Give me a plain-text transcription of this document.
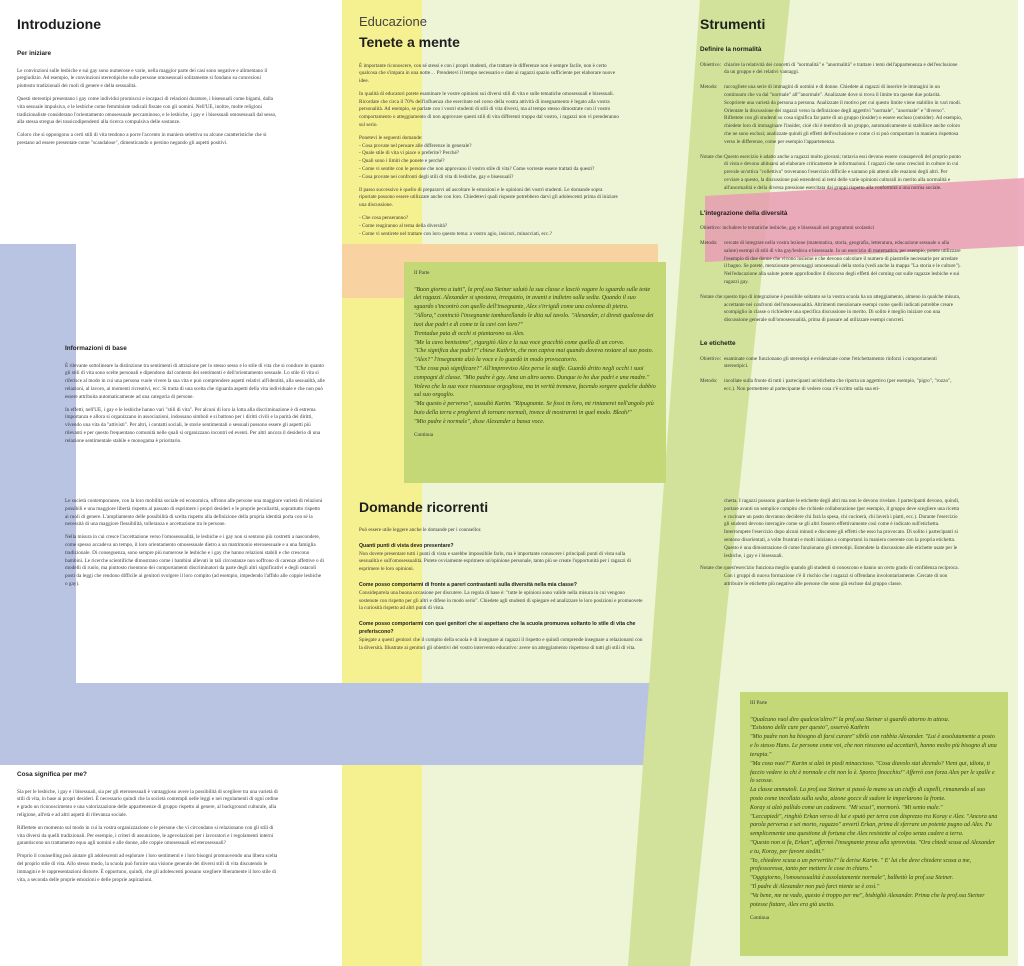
Introduzione
Per iniziare

Le convinzioni sulle lesbiche e sui gay sono numerose e varie, nella maggior parte dei casi sono negative e alimentano il pregiudizio. Ad esempio, le convinzioni stereotipiche sulle persone omosessuali solitamente si fondano su concezioni piuttosto tradizionali dei ruoli di genere e della sessualità.

Questi stereotipi presentano i gay come individui promiscui e incapaci di relazioni durature, i bisessuali come bigami, dalla vita sessuale impulsiva, e le lesbiche come femministe radicali fissate con gli uomini. Nell'UE, inoltre, molte religioni tradizionaliste considerano l'orientamento omosessuale peccaminoso, e le lesbiche, i gay e i bisessuali omosessuali dal sesso, alla stessa stregua dei tossicodipendenti alla ricerca compulsiva delle sostanze.

Coloro che si oppongono a certi stili di vita tendono a porre l'accento in maniera selettiva su alcune caratteristiche che si prestano ad essere presentate come "scandalose", dimenticando o persino negando gli aspetti positivi.

Informazioni di base

È rilevante sottolineare la distinzione tra sentimenti di attrazione per lo stesso sesso e lo stile di vita che si conduce in quanto gli stili di vita sono scelte personali e dipendono dal contesto dei sentimenti e dell'orientamento sessuale. Lo stile di vita si riferisce al modo in cui una persona vuole vivere la sua vita e può comprendere aspetti relativi all'identità, alla sessualità, alle relazioni, al lavoro, ai momenti ricreativi, ecc. Si tratta di una scelta che riguarda aspetti della vita individuale e che non può essere attribuita automaticamente ad una categoria di persone.

In effetti, nell'UE, i gay e le lesbiche hanno vari "stili di vita". Per alcuni di loro la lotta alla discriminazione è di estrema importanza e allora si organizzano in associazioni, indossano simboli e si battono per i diritti civili e la parità dei diritti, vivendo una vita da "attivisti". Per altri, i contatti sociali, le storie sentimentali o sessuali possono essere gli aspetti più rilevanti e per questo frequentano comunità nelle quali si organizzano incontri ed eventi. Per altri ancora il desiderio di una relazione sentimentale stabile e monogama è prioritario.

Le società contemporanee, con la loro mobilità sociale ed economica, offrono alle persone una maggiore varietà di relazioni possibili e una maggiore libertà rispetto al passato di esprimere i propri desideri e le proprie peculiarità, soprattutto rispetto ai ruoli di genere. L'ampliamento delle possibilità di scelta rispetto alla definizione della propria identità porta con sé la necessità di una maggiore flessibilità, tolleranza e accettazione tra le persone.

Nella misura in cui cresce l'accettazione verso l'omosessualità, le lesbiche e i gay non si sentono più costretti a nascondere, come spesso accadeva un tempo, il loro orientamento omosessuale dietro a un matrimonio eterosessuale e a una famiglia tradizionale. Di conseguenza, sono sempre più numerose le lesbiche e i gay che hanno relazioni stabili e che crescono bambini. Le ricerche scientifiche dimostrano come i bambini allevati in tali circostanze non soffrono di carenze affettive o di modelli di ruolo, ma piuttosto risentono dei comportamenti discriminatori da parte degli altri significativi e degli ostacoli posti da leggi che rendono difficile ai genitori svolgere il loro compito (ad esempio, impedendo l'affido alle coppie lesbiche o gay).

Cosa significa per me?

Sia per le lesbiche, i gay e i bisessuali, sia per gli eterosessuali è vantaggioso avere la possibilità di scegliere tra una varietà di stili di vita, in base ai propri desideri. È necessario quindi che la società contempli nelle leggi e nei regolamenti di ogni ordine e grado un riconoscimento e una valorizzazione delle appartenenze di gruppo rispetto al genere, al background culturale, alla religione, all'età e ad altri aspetti di rilevanza sociale.

Riflettete un momento sul modo in cui la vostra organizzazione o le persone che vi circondano si relazionano con gli stili di vita diversi da quelli tradizionali. Per esempio, i criteri di assunzione, le agevolazioni per i lavoratori e i regolamenti interni garantiscono un trattamento equo agli uomini e alle donne, alle coppie omosessuali ed eterosessuali?

Proprio il counselling può aiutare gli adolescenti ad esplorare i loro sentimenti e i loro bisogni promuovendo una libera scelta del proprio stile di vita. Allo stesso modo, la scuola può fornire una visione generale dei diversi stili di vita discutendo le immagini e le rappresentazioni distorte. È opportuno, quindi, che gli adolescenti possano scegliere liberamente il loro stile di vita, a seconda delle proprie emozioni e delle proprie aspirazioni.

Educazione
Tenete a mente

È importante riconoscere, con sé stessi e con i propri studenti, che trattare le differenze non è sempre facile, non è certo qualcosa che s'impara in una notte… Prendetevi il tempo necessario e date ai ragazzi spazio sufficiente per elaborare nuove idee.

In qualità di educatori potete esaminare le vostre opinioni sui diversi stili di vita e sulle tematiche omosessuali e bisessuali. Ricordate che circa il 70% dell'influenza che esercitate nel corso della vostra attività di insegnamento è legato alla vostra personalità. Ad esempio, se parlate con i vostri studenti di stili di vita diversi, ma al tempo stesso dimostrate con il vostro comportamento o atteggiamento di non approvare questi stili di vita differenti troppo dal vostro, i ragazzi non vi prenderanno sul serio.

Ponetevi le seguenti domande:
- Cosa provate nel pensare alle differenze in generale?
- Quale stile di vita vi piace o preferite? Perché?
- Quali sono i limiti che ponete e perché?
- Come vi sentite con le persone che non approvano il vostro stile di vita? Come vorreste essere trattati da questi?
- Cosa provate nei confronti degli stili di vita di lesbiche, gay e bisessuali?

Il passo successivo è quello di prepararvi ad ascoltare le emozioni e le opinioni dei vostri studenti. Le domande sopra riportate possono essere utilizzate anche con loro. Chiedetevi quali risposte potrebbero darvi gli adolescenti prima di iniziare una discussione.

- Che cosa penseranno?
- Come reagiranno al tema della diversità?
- Come vi sentirete nel trattare con loro questo tema: a vostro agio, insicuri, minacciati, ecc.?

II Parte
"Buon giorno a tutti", la prof.ssa Steiner salutò la sua classe e lasciò vagare lo sguardo sulle teste dei ragazzi. Alexander si spostava, irrequieto, in avanti e indietro sulla sedia. Quando il suo sguardo s'incontrò con quello dell'insegnante, Alex s'irrigidì come una colonna di pietra.
"Allora," cominciò l'insegnante tamburellando le dita sul tavolo. "Alexander, ci diresti qualcosa dei tuoi due padri e di come te la cavi con loro?"
Trentadue paia di occhi si piantarono su Alex.
"Me la cavo benissimo", rigurgitò Alex e la sua voce gracchiò come quella di un corvo.
"Che significa due padri?" chiese Kathrin, che non capiva mai quando doveva restare al suo posto.
"Alex?" l'insegnante alzò la voce e lo guardò in modo provocatorio.
"Che cosa può significare?" All'improvviso Alex perse le staffe. Guardò dritto negli occhi i suoi compagni di classe. "Mio padre è gay. Ama un altro uomo. Dunque io ho due padri e una madre." Voleva che la sua voce risuonasse orgogliosa, ma in verità tremava, facendo sorgere qualche dubbio sul suo orgoglio.
"Ma questo è perverso", sussultò Karim. "Ripugnante. Se fossi in loro, mi rintanerei nell'angolo più buio della terra e pregherei di tornare normali, invece di mostrarmi in quel modo. Bleah!"
"Mio padre è normale", disse Alexander a bassa voce.
Continua
Domande ricorrenti

Può essere utile leggere anche le domande per i counsellor.

Quanti punti di vista devo presentare?

Non dovete presentare tutti i punti di vista e sarebbe impossibile farlo, ma è importante conoscere i principali punti di vista sulla sessualità e sull'omosessualità. Potete ovviamente esprimere un'opinione personale, tanto più se create l'opportunità per i ragazzi di esprimere le loro opinioni.

Come posso comportarmi di fronte a pareri contrastanti sulla diversità nella mia classe?

Considератela una buona occasione per discutere. La regola di base è: "tutte le opinioni sono valide nella misura in cui vengono sostenute con rispetto per gli altri e difese in modo serio". Chiedete agli studenti di spiegare ed analizzare le loro posizioni e promuovete la curiosità rispetto ad altri punti di vista.

Come posso comportarmi con quei genitori che si aspettano che la scuola promuova soltanto lo stile di vita che preferiscono?

Spiegate a questi genitori che il compito della scuola è di insegnare ai ragazzi il rispetto e quindi comprende insegnare a relazionarsi con la diversità. Illustrate ai genitori gli obiettivi del vostro intervento educativo: avere un atteggiamento rispettoso di tutti gli stili di vita.

Strumenti
Definire la normalità
Obiettivo: chiarire la relatività dei concetti di "normalità" e "anormalità" e trattare i temi dell'appartenenza e dell'esclusione da un gruppo e dei relativi vantaggi.
Metodo: raccogliete una serie di immagini di uomini e di donne. Chiedete ai ragazzi di inserire le immagini in un continuum che va dal "normale" all'"anormale". Analizzate dove si trova il limite tra queste due polarità. Scoprirete una varietà da persona a persona. Analizzate il motivo per cui questo limite viene stabilito in vari modi. Orientate la discussione dei ragazzi verso la definizione degli aggettivi "normale", "anormale" e "diverso". Riflettete con gli studenti su cosa significa far parte di un gruppo (insider) o essere escluso (outsider). Ad esempio, chiedete loro di immaginare l'insider, cioè chi è membro di un gruppo, automaticamente si stabilisce anche coloro che ne sono esclusi; analizzate quindi gli effetti dell'esclusione e come ci si può comportare in maniera rispettosa verso le differenze, come per esempio l'appartenenza.
Notate che: Questo esercizio è adatto anche a ragazzi molto giovani; tuttavia essi devono essere consapevoli del proprio punto di vista e devono abituarsi ad elaborare criticamente le informazioni. I ragazzi che sono cresciuti in culture in cui prevale un'ottica "collettiva" troveranno l'esercizio difficile e saranno più attenti alle reazioni degli altri. Per ovviare a questo, la discussione può estendersi ai temi delle varie opinioni culturali in merito alla normalità e all'anormalità e della diversa pressione esercitata dai gruppi rispetto alla conformità a una norma sociale.
L'integrazione della diversità

Obiettivo: includere le tematiche lesbiche, gay e bisessuali nei programmi scolastici

Metodo: cercate di integrare nella vostra lezione (matematica, storia, geografia, letteratura, educazione sessuale o alla salute) esempi di stili di vita gay/lesbica e bisessuale. In un esercizio di matematica, per esempio, potete utilizzare l'esempio di due donne che vivono insieme e che devono calcolare il numero di piastrelle necessarie per arredare il bagno. Se potete, menzionate personaggi omosessuali della storia (vedi anche la mappa "La storia e le culture"). Nell'educazione alla salute potete approfondire il discorso degli effetti del coming out sulle ragazze lesbiche e sui ragazzi gay.
Notate che: questo tipo di integrazione è possibile soltanto se la vostra scuola ha un atteggiamento, almeno in qualche misura, accettante nei confronti dell'omosessualità. Altrimenti menzionare esempi come quelli indicati potrebbe creare scompiglio in classe o richiedere una specifica discussione in merito. Di solito è meglio iniziare con una discussione generale sull'omosessualità, prima di passare ad utilizzare esempi concreti.
Le etichette
Obiettivo: esaminate come funzionano gli stereotipi e evidenziate come l'etichettamento rinforzi i comportamenti stereotipici.
Metodo: incollate sulla fronte di tutti i partecipanti un'etichetta che riporta un aggettivo (per esempio, "pigro", "rozzo", ecc.). Non permettete al partecipante di vedere cosa c'è scritto sulla sua eti-

chetta. I ragazzi possono guardare le etichette degli altri ma non le devono rivelare. I partecipanti devono, quindi, portare avanti un semplice compito che richiede collaborazione (per esempio, il gruppo deve scegliere una ricetta e cucinare un pasto dovranno decidere chi farà la spesa, chi cucinerà, chi laverà i piatti, ecc.). Durante l'esercizio gli studenti devono interagire come se gli altri fossero effettivamente così come è indicato sull'etichetta. Interrompete l'esercizio dopo alcuni minuti e discutete gli effetti che esso ha provocato. Di solito i partecipanti si sentono disorientati, a volte frustrati e molti iniziano a comportarsi in maniera coerente con la propria etichetta. Questo è una dimostrazione di come funzionano gli stereotipi. Estendete la discussione alle etichette usate per le lesbiche, i gay e i bisessuali.

Notate che: quest'esercizio funziona meglio quando gli studenti si conoscono e hanno un certo grado di confidenza reciproca. Con i gruppi di nuova formazione c'è il rischio che i ragazzi si offendano involontariamente. Cercate di non attribuire le etichette più negative alle persone che sono già escluse dal gruppo classe.
III Parte
"Qualcuno vuol dire qualcos'altro?" la prof.ssa Steiner si guardò attorno in attesa.
"Esistono delle cure per questo", osservò Kathrin
"Mio padre non ha bisogno di farsi curare" sibilò con rabbia Alexander. "Lui è assolutamente a posto e lo stesso Hans. Le persone come voi, che non riescono ad accettarli, hanno molto più bisogno di una terapia."
"Ma cosa vuoi?" Karim si alzò in piedi minaccioso. "Cosa diavolo stai dicendo? Vieni qui, idiota, ti faccio vedere io chi è normale e chi non lo è. Sporco finocchio!" Afferrò con forza Alex per le spalle e lo scosse.
La classe ammutolì. La prof.ssa Steiner si passò la mano su un ciuffo di capelli, rimanendo al suo posto come incollata sulla sedia, alzone gocce di sudore le imperlarono la fronte.
Koray si alzò pallido come un cadavere. "Mi scusi", mormorò. "Mi sento male."
"Leccapiedi", ringhiò Erkan verso di lui e sputò per terra con disprezzo tra Koray e Alex. "Ancora una parola perversa e sei morto, ragazzo" avvertì Erkan, prima di sferrare un potente pugno ad Alex. Fu semplicemente una questione di fortuna che Alex resistette al colpo senza cadere a terra.
"Questo non si fa, Erkan", affermò l'insegnante presa alla sprovvista. "Ora chiedi scusa ad Alexander e tu, Koray, per favore siediti."
"Io, chiedere scusa a un pervertito?" la derise Karim. " E' lui che deve chiedere scusa a me, professoressa, tanto per mettere le cose in chiaro."
"Oggigiorno, l'omosessualità è assolutamente normale", balbettò la prof.ssa Steiner.
"Il padre di Alexander non può farci niente se è così."
"Va bene, me ne vado, questo è troppo per me", bisbigliò Alexander. Prima che la prof.ssa Steiner potesse fiatare, Alex era già uscito.
Continua
